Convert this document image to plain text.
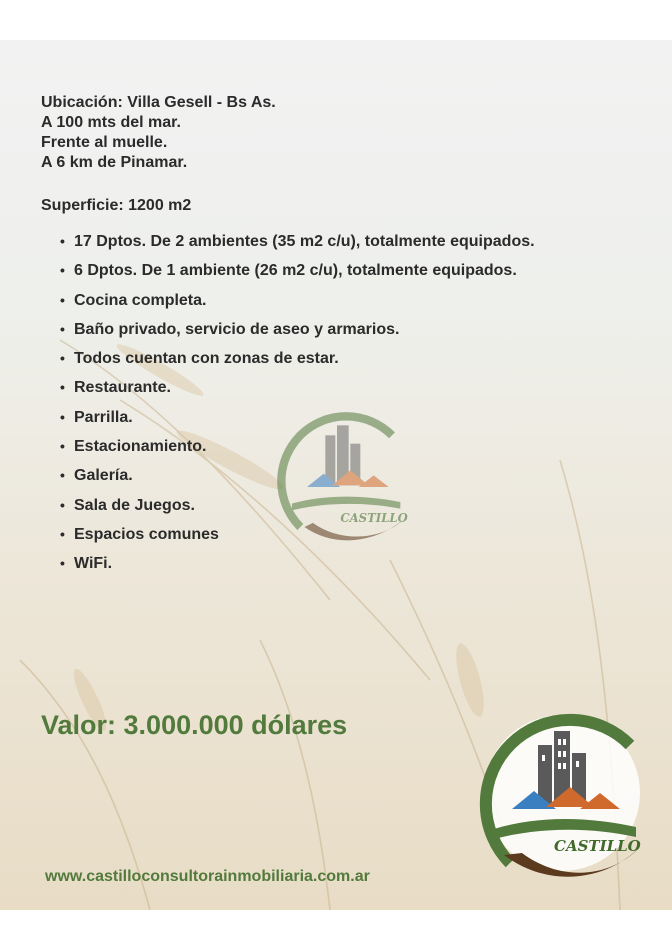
Ubicación: Villa Gesell - Bs As.
A 100 mts del mar.
Frente al muelle.
A 6 km de Pinamar.
Superficie: 1200 m2
• 17 Dptos. De 2 ambientes (35 m2 c/u), totalmente equipados.
• 6 Dptos. De 1 ambiente (26 m2 c/u), totalmente equipados.
• Cocina completa.
• Baño privado, servicio de aseo y armarios.
• Todos cuentan con zonas de estar.
• Restaurante.
• Parrilla.
• Estacionamiento.
• Galería.
• Sala de Juegos.
• Espacios comunes
• WiFi.
CASTILLO
Valor: 3.000.000 dólares
CASTILLO
www.castilloconsultorainmobiliaria.com.ar
